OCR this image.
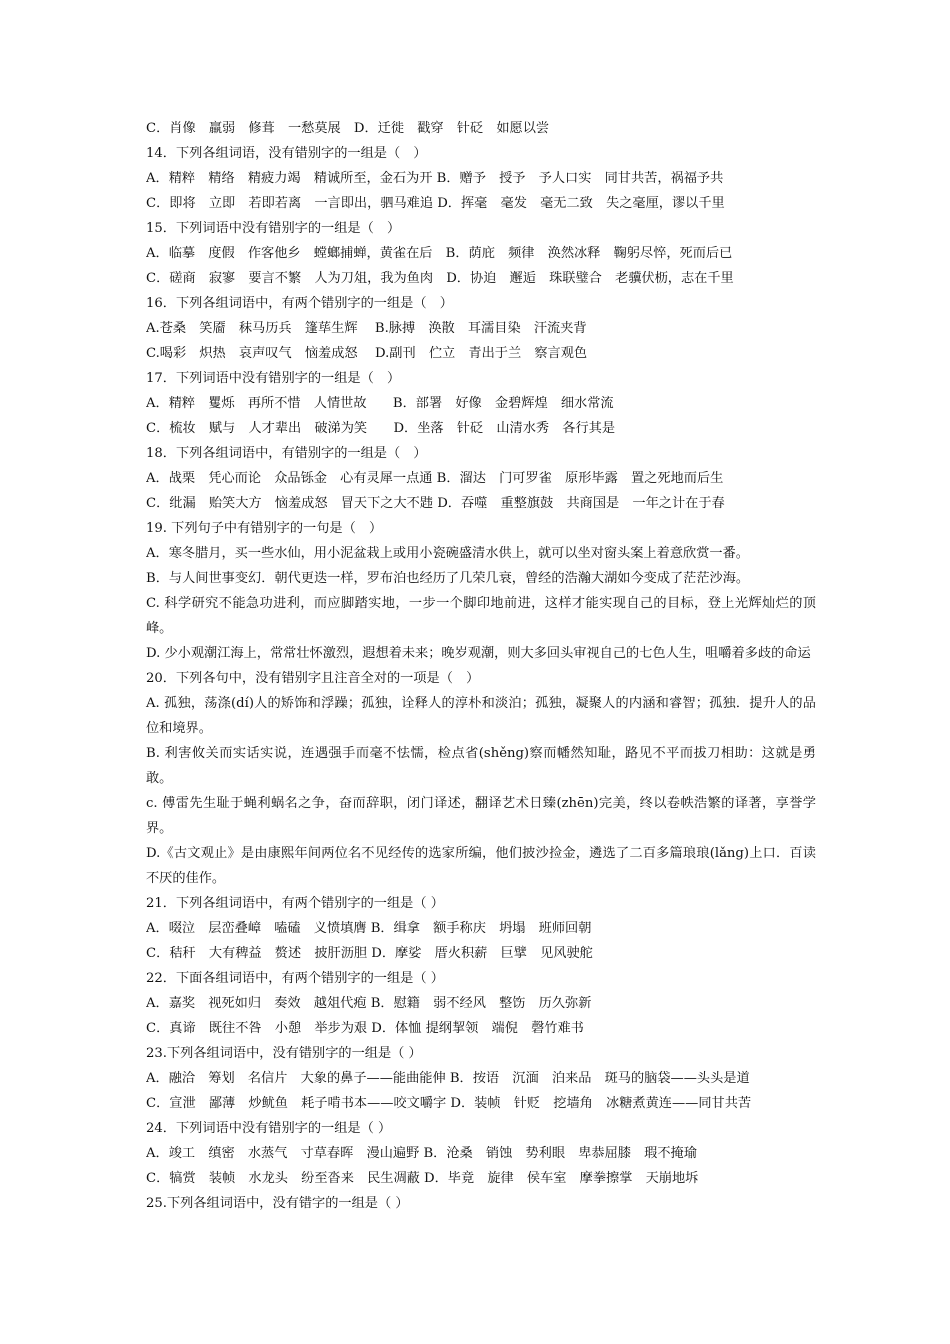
C．肖像　羸弱　修葺　一愁莫展　D．迁徙　戳穿　针砭　如愿以尝
14．下列各组词语，没有错别字的一组是（　）
A．精粹　精络　精疲力竭　精诚所至，金石为开 B．赠予　授予　予人口实　同甘共苦，祸福予共
C．即将　立即　若即若离　一言即出，驷马难追 D．挥毫　毫发　毫无二致　失之毫厘，谬以千里
15．下列词语中没有错别字的一组是（　）
A．临摹　度假　作客他乡　螳螂捕蝉，黄雀在后　B．荫庇　频律　涣然冰释　鞠躬尽悴，死而后已
C．磋商　寂寥　要言不繁　人为刀俎，我为鱼肉　D．协迫　邂逅　珠联璧合　老骥伏枥，志在千里
16．下列各组词语中，有两个错别字的一组是（　）
A.苍桑　笑靥　秣马历兵　篷荜生辉　 B.脉搏　涣散　耳濡目染　汗流夹背
C.喝彩　炽热　哀声叹气　恼羞成怒　 D.副刊　伫立　青出于兰　察言观色
17．下列词语中没有错别字的一组是（　）
A．精粹　矍烁　再所不惜　人情世故　　B．部署　好像　金碧辉煌　细水常流
C．梳妆　赋与　人才辈出　破涕为笑　　D．坐落　针砭　山清水秀　各行其是
18．下列各组词语中，有错别字的一组是（　）
A．战栗　凭心而论　众品铄金　心有灵犀一点通 B．溜达　门可罗雀　原形毕露　置之死地而后生
C．纰漏　贻笑大方　恼羞成怒　冒天下之大不韪 D．吞噬　重整旗鼓　共商国是　一年之计在于春
19. 下列句子中有错别字的一句是（　）
A．寒冬腊月，买一些水仙，用小泥盆栽上或用小瓷碗盛清水供上，就可以坐对窗头案上着意欣赏一番。
B．与人间世事变幻．朝代更迭一样，罗布泊也经历了几荣几衰，曾经的浩瀚大湖如今变成了茫茫沙海。
C. 科学研究不能急功进利，而应脚踏实地，一步一个脚印地前进，这样才能实现自己的目标，登上光辉灿烂的顶峰。
D. 少小观潮江海上，常常壮怀激烈，遐想着未来；晚岁观潮，则大多回头审视自己的七色人生，咀嚼着多歧的命运
20．下列各句中，没有错别字且注音全对的一项是（　）
A. 孤独，荡涤(dí)人的矫饰和浮躁；孤独，诠释人的淳朴和淡泊；孤独，凝聚人的内涵和睿智；孤独．提升人的品位和境界。
B. 利害攸关而实话实说，连遇强手而毫不怯懦，检点省(shěng)察而幡然知耻，路见不平而拔刀相助：这就是勇敢。
c. 傅雷先生耻于蝇利蜗名之争，奋而辞职，闭门译述，翻译艺术日臻(zhēn)完美，终以卷帙浩繁的译著，享誉学界。
D.《古文观止》是由康熙年间两位名不见经传的选家所编，他们披沙捡金，遴选了二百多篇琅琅(lǎng)上口．百读不厌的佳作。
21．下列各组词语中，有两个错别字的一组是（ ）
A．啜泣　层峦叠嶂　嗑磕　义愤填膺 B．缉拿　额手称庆　坍塌　班师回朝
C．秸秆　大有稗益　赘述　披肝沥胆 D．摩娑　厝火积薪　巨擘　见风驶舵
22．下面各组词语中，有两个错别字的一组是（ ）
A．嘉奖　视死如归　奏效　越俎代疱 B．慰籍　弱不经风　整饬　历久弥新
C．真谛　既往不咎　小憩　举步为艰 D．体恤 提纲挈领　端倪　磬竹难书
23.下列各组词语中，没有错别字的一组是（ ）
A．融洽　筹划　名信片　大象的鼻子——能曲能伸 B．按语　沉湎　泊来品　斑马的脑袋——头头是道
C．宣泄　鄙薄　炒鱿鱼　耗子啃书本——咬文嚼字 D．装帧　针贬　挖墙角　冰糖煮黄连——同甘共苦
24．下列词语中没有错别字的一组是（ ）
A．竣工　缜密　水蒸气　寸草春晖　漫山遍野 B．沧桑　销蚀　势利眼　卑恭屈膝　瑕不掩瑜
C．犒赏　装帧　水龙头　纷至沓来　民生凋蔽 D．毕竟　旋律　侯车室　摩拳擦掌　天崩地坼
25.下列各组词语中，没有错字的一组是（ ）
